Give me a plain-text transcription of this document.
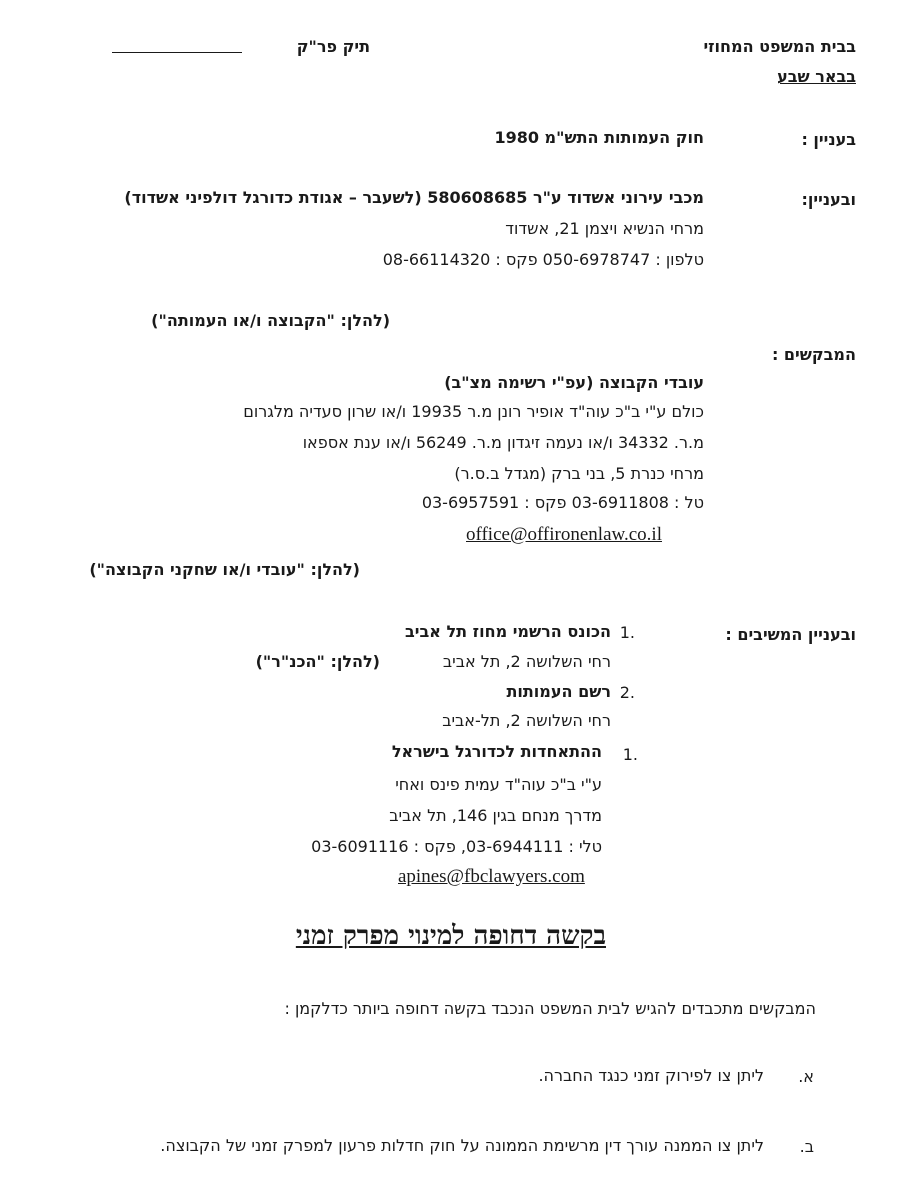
בבית המשפט המחוזי
בבאר שבע
תיק פר"ק
בעניין :
חוק העמותות התש"מ 1980
ובעניין:
מכבי עירוני אשדוד ע"ר 580608685 (לשעבר – אגודת כדורגל דולפיני אשדוד)
מרחי הנשיא ויצמן 21, אשדוד
טלפון : 050-6978747 פקס : 08-66114320
(להלן: "הקבוצה ו/או העמותה")
המבקשים :
עובדי הקבוצה (עפ"י רשימה מצ"ב)
כולם ע"י ב"כ עוה"ד אופיר רונן מ.ר 19935 ו/או שרון סעדיה מלגרום
מ.ר. 34332 ו/או נעמה זיגדון מ.ר. 56249 ו/או ענת אספאו
מרחי כנרת 5, בני ברק (מגדל ב.ס.ר)
טל : 03-6911808 פקס : 03-6957591
office@offironenlaw.co.il
(להלן: "עובדי ו/או שחקני הקבוצה")
ובעניין המשיבים :
1.
הכונס הרשמי מחוז תל אביב
רחי השלושה 2, תל אביב
(להלן: "הכנ"ר")
2.
רשם העמותות
רחי השלושה 2, תל-אביב
1.
ההתאחדות לכדורגל בישראל
ע"י ב"כ עוה"ד עמית פינס ואחי
מדרך מנחם בגין 146, תל אביב
טלי : 03-6944111, פקס : 03-6091116
apines@fbclawyers.com
בקשה דחופה למינוי מפרק זמני
המבקשים מתכבדים להגיש לבית המשפט הנכבד בקשה דחופה ביותר כדלקמן :
א.
ליתן צו לפירוק זמני כנגד החברה.
ב.
ליתן צו הממנה עורך דין מרשימת הממונה על חוק חדלות פרעון למפרק זמני של הקבוצה.
